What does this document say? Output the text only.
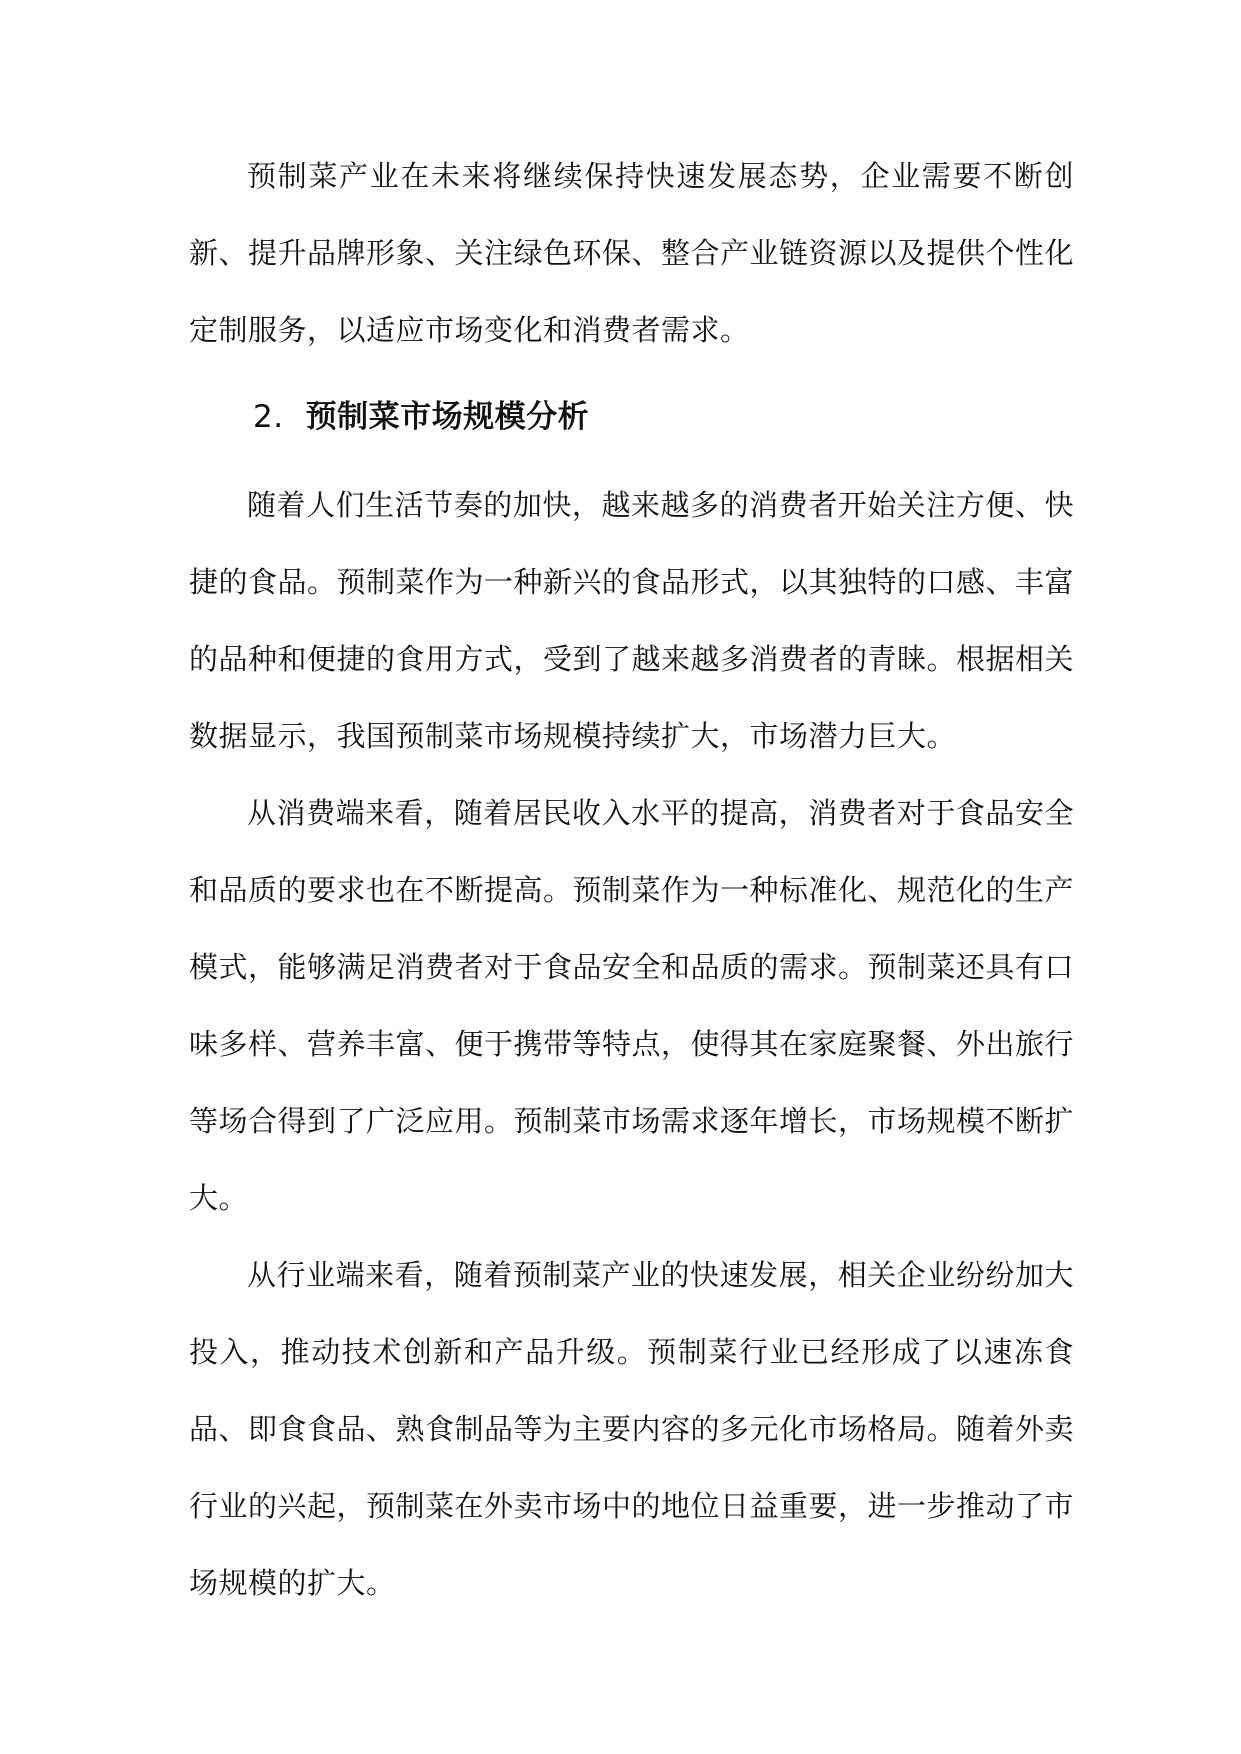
预制菜产业在未来将继续保持快速发展态势，企业需要不断创新、提升品牌形象、关注绿色环保、整合产业链资源以及提供个性化定制服务，以适应市场变化和消费者需求。

2. 预制菜市场规模分析

随着人们生活节奏的加快，越来越多的消费者开始关注方便、快捷的食品。预制菜作为一种新兴的食品形式，以其独特的口感、丰富的品种和便捷的食用方式，受到了越来越多消费者的青睐。根据相关数据显示，我国预制菜市场规模持续扩大，市场潜力巨大。

从消费端来看，随着居民收入水平的提高，消费者对于食品安全和品质的要求也在不断提高。预制菜作为一种标准化、规范化的生产模式，能够满足消费者对于食品安全和品质的需求。预制菜还具有口味多样、营养丰富、便于携带等特点，使得其在家庭聚餐、外出旅行等场合得到了广泛应用。预制菜市场需求逐年增长，市场规模不断扩大。

从行业端来看，随着预制菜产业的快速发展，相关企业纷纷加大投入，推动技术创新和产品升级。预制菜行业已经形成了以速冻食品、即食食品、熟食制品等为主要内容的多元化市场格局。随着外卖行业的兴起，预制菜在外卖市场中的地位日益重要，进一步推动了市场规模的扩大。
